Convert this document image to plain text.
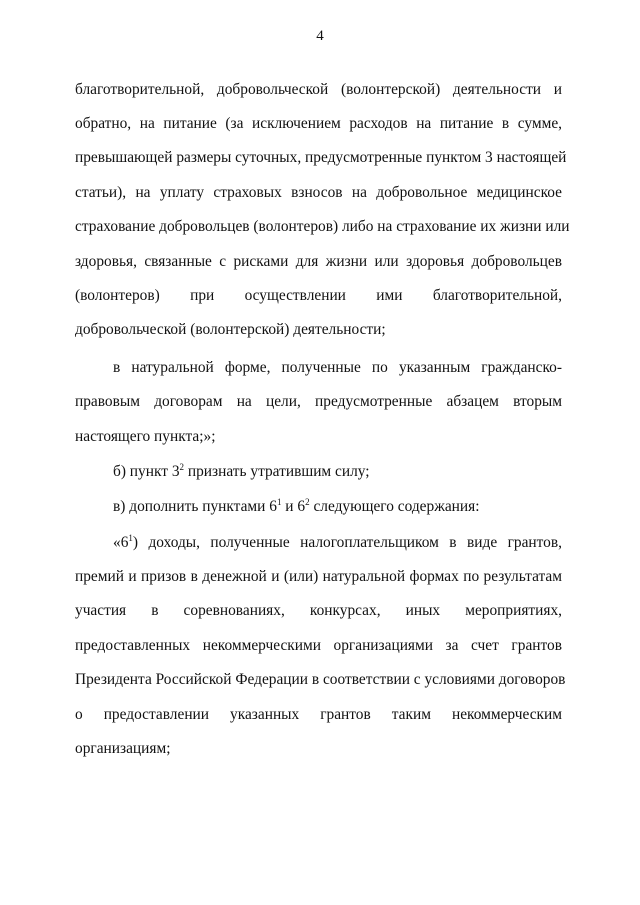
4
благотворительной, добровольческой (волонтерской) деятельности и
обратно, на питание (за исключением расходов на питание в сумме,
превышающей размеры суточных, предусмотренные пунктом 3 настоящей
статьи), на уплату страховых взносов на добровольное медицинское
страхование добровольцев (волонтеров) либо на страхование их жизни или
здоровья, связанные с рисками для жизни или здоровья добровольцев
(волонтеров) при осуществлении ими благотворительной,
добровольческой (волонтерской) деятельности;
в натуральной форме, полученные по указанным гражданско-
правовым договорам на цели, предусмотренные абзацем вторым
настоящего пункта;»;
б) пункт $3^2$ признать утратившим силу;
в) дополнить пунктами $6^1$ и $6^2$ следующего содержания:
«$6^1$) доходы, полученные налогоплательщиком в виде грантов,
премий и призов в денежной и (или) натуральной формах по результатам
участия в соревнованиях, конкурсах, иных мероприятиях,
предоставленных некоммерческими организациями за счет грантов
Президента Российской Федерации в соответствии с условиями договоров
о предоставлении указанных грантов таким некоммерческим
организациям;
